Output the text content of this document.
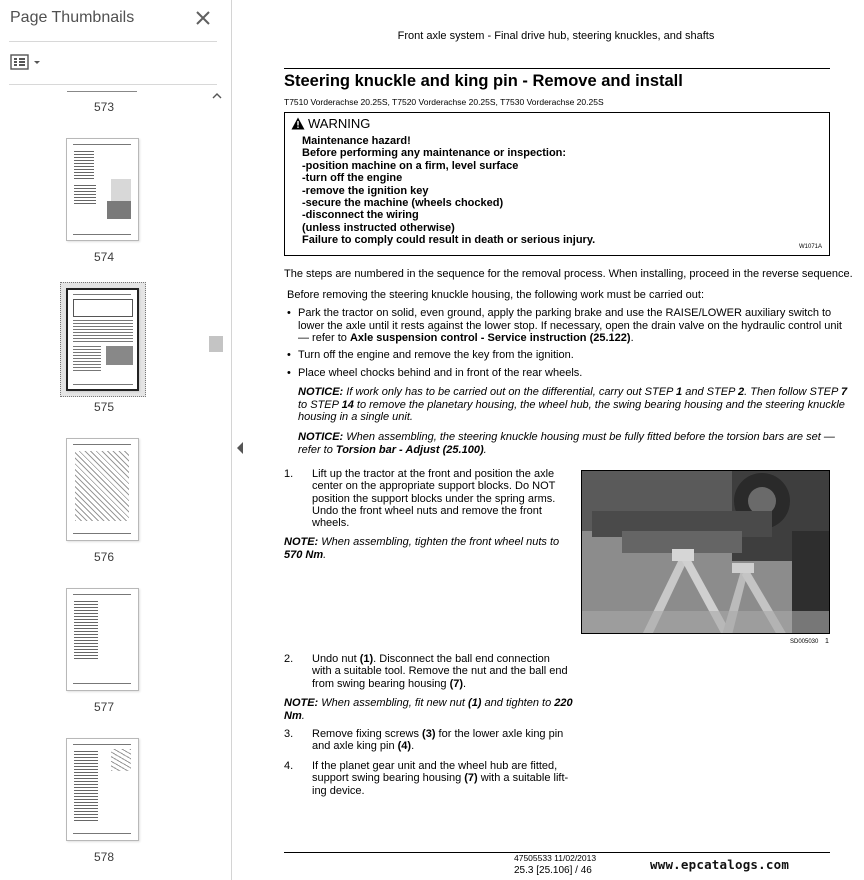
Page Thumbnails
573
574
575
576
577
578
Front axle system - Final drive hub, steering knuckles, and shafts
Steering knuckle and king pin - Remove and install
T7510 Vorderachse 20.25S, T7520 Vorderachse 20.25S, T7530 Vorderachse 20.25S
WARNING
Maintenance hazard!
Before performing any maintenance or inspection:
-position machine on a firm, level surface
-turn off the engine
-remove the ignition key
-secure the machine (wheels chocked)
-disconnect the wiring
(unless instructed otherwise)
Failure to comply could result in death or serious injury.
W1071A
The steps are numbered in the sequence for the removal process. When installing, proceed in the reverse sequence.
Before removing the steering knuckle housing, the following work must be carried out:
• Park the tractor on solid, even ground, apply the parking brake and use the RAISE/LOWER auxiliary switch to
lower the axle until it rests against the lower stop. If necessary, open the drain valve on the hydraulic control unit
— refer to Axle suspension control - Service instruction (25.122).
• Turn off the engine and remove the key from the ignition.
• Place wheel chocks behind and in front of the rear wheels.
NOTICE: If work only has to be carried out on the differential, carry out STEP 1 and STEP 2. Then follow STEP 7
to STEP 14 to remove the planetary housing, the wheel hub, the swing bearing housing and the steering knuckle
housing in a single unit.
NOTICE: When assembling, the steering knuckle housing must be fully fitted before the torsion bars are set —
refer to Torsion bar - Adjust (25.100).
1. Lift up the tractor at the front and position the axle
center on the appropriate support blocks. Do NOT
position the support blocks under the spring arms.
Undo the front wheel nuts and remove the front
wheels.
NOTE: When assembling, tighten the front wheel nuts to
570 Nm.
SD005030 1
2. Undo nut (1). Disconnect the ball end connection
with a suitable tool. Remove the nut and the ball end
from swing bearing housing (7).
NOTE: When assembling, fit new nut (1) and tighten to 220
Nm.
3. Remove fixing screws (3) for the lower axle king pin
and axle king pin (4).
4. If the planet gear unit and the wheel hub are fitted,
support swing bearing housing (7) with a suitable lift-
ing device.
47505533 11/02/2013
25.3 [25.106] / 46	www.epcatalogs.com
